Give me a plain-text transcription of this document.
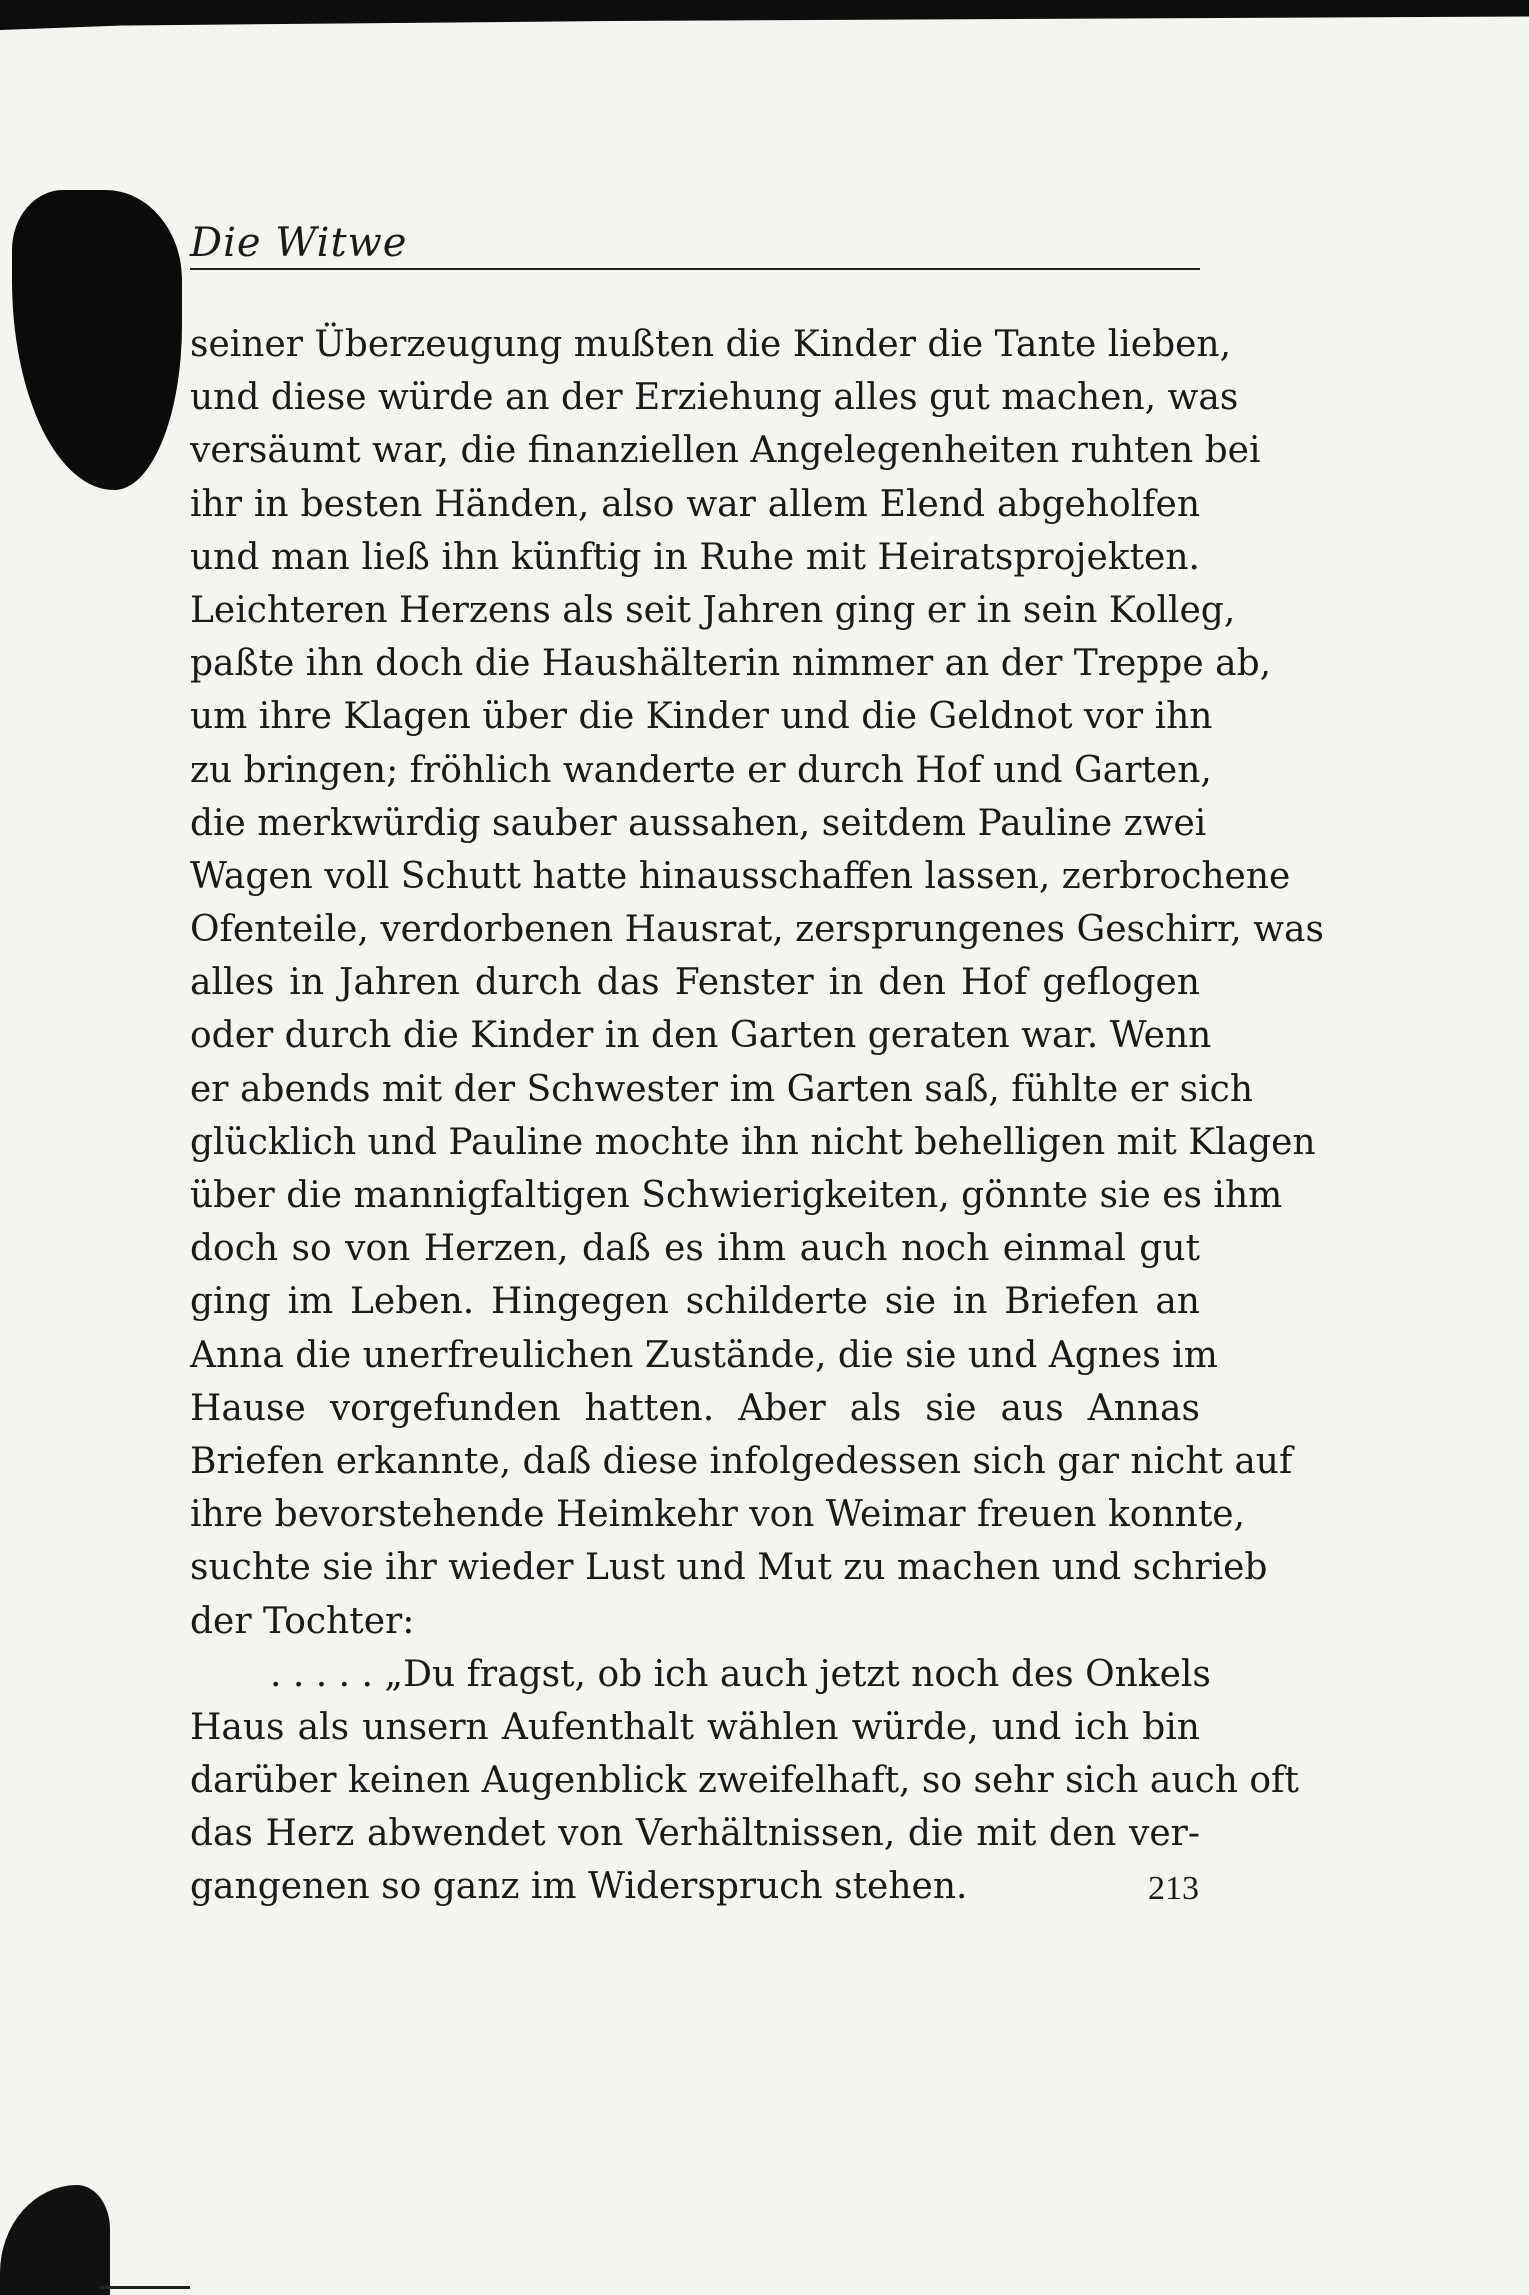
Die Witwe
seiner Überzeugung mußten die Kinder die Tante lieben,
und diese würde an der Erziehung alles gut machen, was
versäumt war, die finanziellen Angelegenheiten ruhten bei
ihr in besten Händen, also war allem Elend abgeholfen
und man ließ ihn künftig in Ruhe mit Heiratsprojekten.
Leichteren Herzens als seit Jahren ging er in sein Kolleg,
paßte ihn doch die Haushälterin nimmer an der Treppe ab,
um ihre Klagen über die Kinder und die Geldnot vor ihn
zu bringen; fröhlich wanderte er durch Hof und Garten,
die merkwürdig sauber aussahen, seitdem Pauline zwei
Wagen voll Schutt hatte hinausschaffen lassen, zerbrochene
Ofenteile, verdorbenen Hausrat, zersprungenes Geschirr, was
alles in Jahren durch das Fenster in den Hof geflogen
oder durch die Kinder in den Garten geraten war. Wenn
er abends mit der Schwester im Garten saß, fühlte er sich
glücklich und Pauline mochte ihn nicht behelligen mit Klagen
über die mannigfaltigen Schwierigkeiten, gönnte sie es ihm
doch so von Herzen, daß es ihm auch noch einmal gut
ging im Leben. Hingegen schilderte sie in Briefen an
Anna die unerfreulichen Zustände, die sie und Agnes im
Hause vorgefunden hatten. Aber als sie aus Annas
Briefen erkannte, daß diese infolgedessen sich gar nicht auf
ihre bevorstehende Heimkehr von Weimar freuen konnte,
suchte sie ihr wieder Lust und Mut zu machen und schrieb
der Tochter:
. . . . . „Du fragst, ob ich auch jetzt noch des Onkels
Haus als unsern Aufenthalt wählen würde, und ich bin
darüber keinen Augenblick zweifelhaft, so sehr sich auch oft
das Herz abwendet von Verhältnissen, die mit den ver-
gangenen so ganz im Widerspruch stehen.	213
